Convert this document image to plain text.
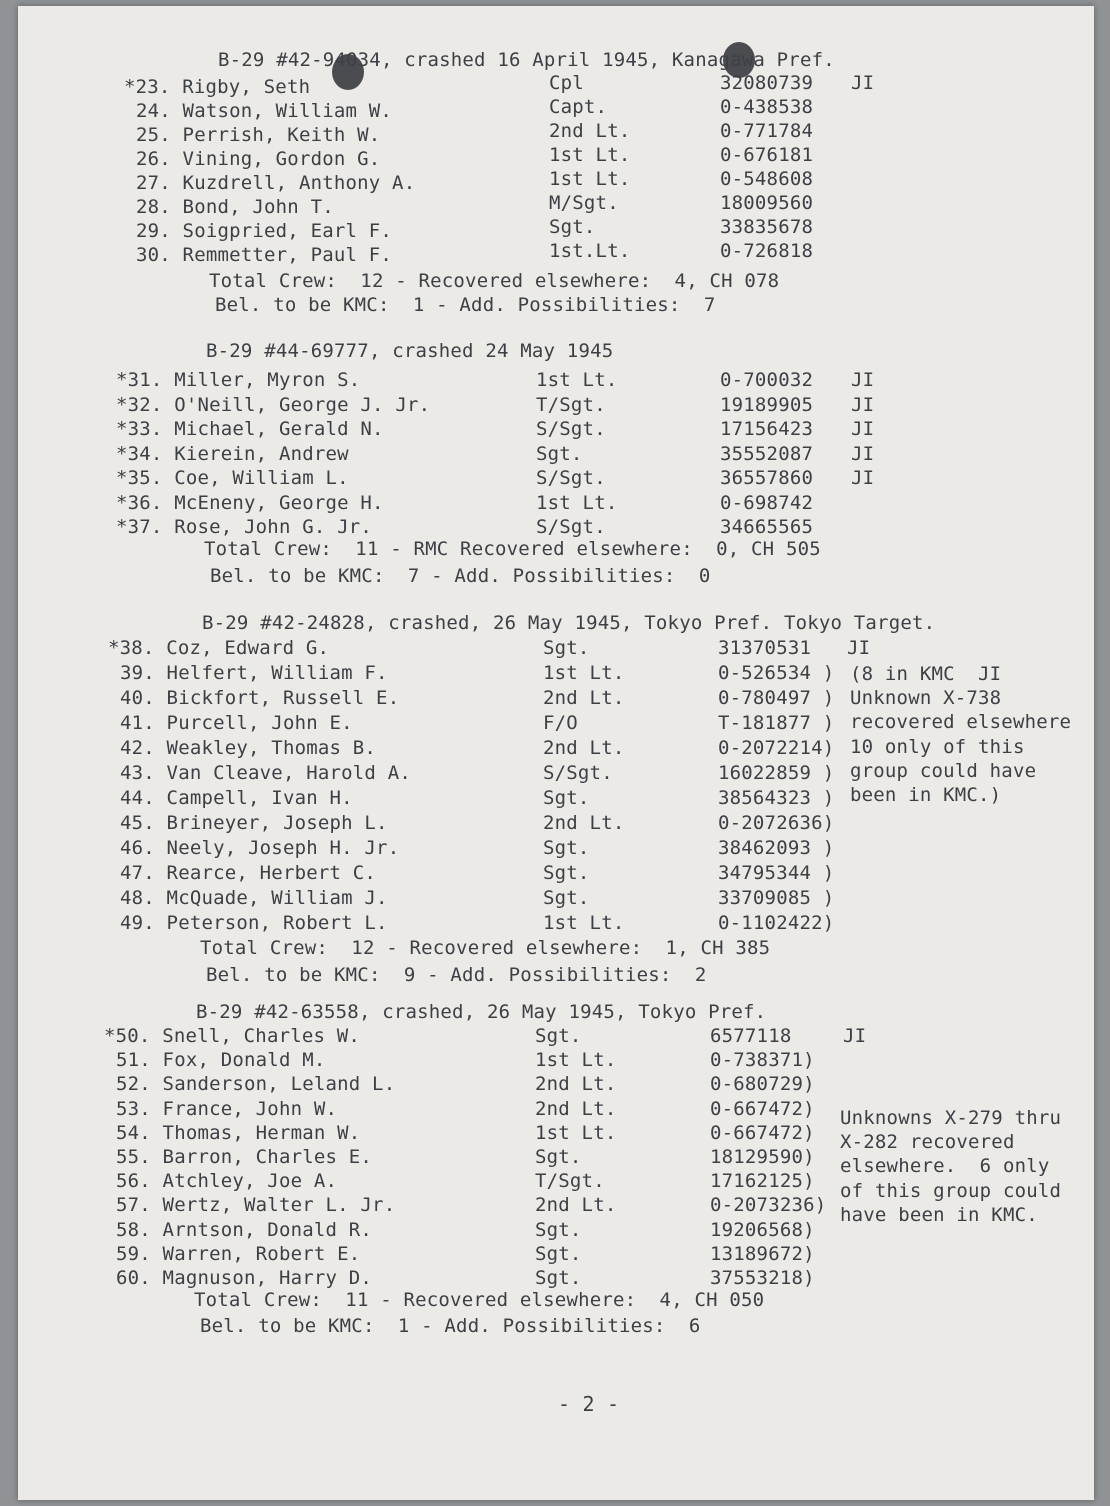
B-29 #42-94034, crashed 16 April 1945, Kanagawa Pref.
*23. Rigby, Seth	Cpl	32080739 JI
24. Watson, William W.	Capt.	0-438538
25. Perrish, Keith W.	2nd Lt.	0-771784
26. Vining, Gordon G.	1st Lt.	0-676181
27. Kuzdrell, Anthony A.	1st Lt.	0-548608
28. Bond, John T.	M/Sgt.	18009560
29. Soigpried, Earl F.	Sgt.	33835678
30. Remmetter, Paul F.	1st.Lt.	0-726818
Total Crew:  12 - Recovered elsewhere:  4, CH 078
Bel. to be KMC:  1 - Add. Possibilities:  7
B-29 #44-69777, crashed 24 May 1945
*31. Miller, Myron S.	1st Lt.	0-700032 JI
*32. O'Neill, George J. Jr.	T/Sgt.	19189905 JI
*33. Michael, Gerald N.	S/Sgt.	17156423 JI
*34. Kierein, Andrew	Sgt.	35552087 JI
*35. Coe, William L.	S/Sgt.	36557860 JI
*36. McEneny, George H.	1st Lt.	0-698742
*37. Rose, John G. Jr.	S/Sgt.	34665565
Total Crew:  11 - RMC Recovered elsewhere:  0, CH 505
Bel. to be KMC:  7 - Add. Possibilities:  0
B-29 #42-24828, crashed, 26 May 1945, Tokyo Pref. Tokyo Target.
*38. Coz, Edward G.	Sgt.	31370531 JI
39. Helfert, William F.	1st Lt.	0-526534 )
40. Bickfort, Russell E.	2nd Lt.	0-780497 )
41. Purcell, John E.	F/O	T-181877 )
42. Weakley, Thomas B.	2nd Lt.	0-2072214)
43. Van Cleave, Harold A.	S/Sgt.	16022859 )
44. Campell, Ivan H.	Sgt.	38564323 )
45. Brineyer, Joseph L.	2nd Lt.	0-2072636)
46. Neely, Joseph H. Jr.	Sgt.	38462093 )
47. Rearce, Herbert C.	Sgt.	34795344 )
48. McQuade, William J.	Sgt.	33709085 )
49. Peterson, Robert L.	1st Lt.	0-1102422)
(8 in KMC  JI
Unknown X-738
recovered elsewhere
10 only of this
group could have
been in KMC.)
Total Crew:  12 - Recovered elsewhere:  1, CH 385
Bel. to be KMC:  9 - Add. Possibilities:  2
B-29 #42-63558, crashed, 26 May 1945, Tokyo Pref.
*50. Snell, Charles W.	Sgt.	6577118	JI
51. Fox, Donald M.	1st Lt.	0-738371)
52. Sanderson, Leland L.	2nd Lt.	0-680729)
53. France, John W.	2nd Lt.	0-667472)
54. Thomas, Herman W.	1st Lt.	0-667472)
55. Barron, Charles E.	Sgt.	18129590)
56. Atchley, Joe A.	T/Sgt.	17162125)
57. Wertz, Walter L. Jr.	2nd Lt.	0-2073236)
58. Arntson, Donald R.	Sgt.	19206568)
59. Warren, Robert E.	Sgt.	13189672)
60. Magnuson, Harry D.	Sgt.	37553218)
Unknowns X-279 thru
X-282 recovered
elsewhere.  6 only
of this group could
have been in KMC.
Total Crew:  11 - Recovered elsewhere:  4, CH 050
Bel. to be KMC:  1 - Add. Possibilities:  6
- 2 -
